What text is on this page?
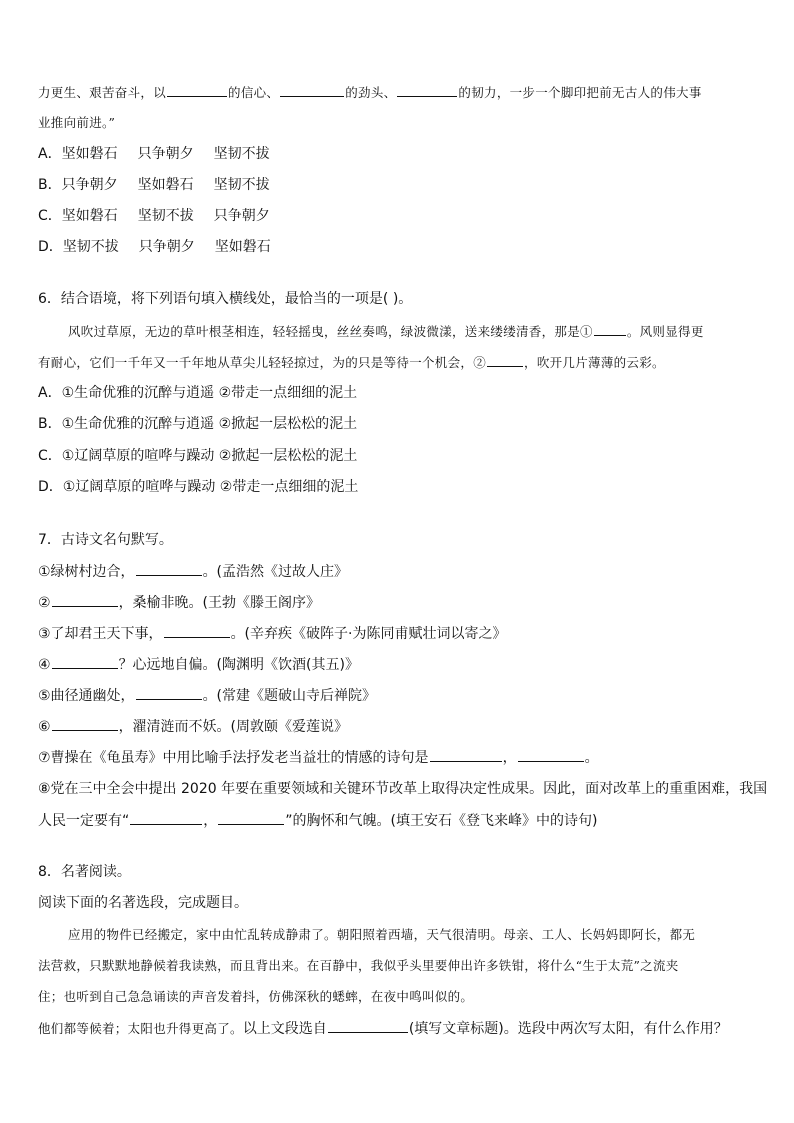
力更生、艰苦奋斗，以	的信心、	的劲头、	的韧力，一步一个脚印把前无古人的伟大事
业推向前进。”
A．坚如磐石 只争朝夕 坚韧不拔
B．只争朝夕 坚如磐石 坚韧不拔
C．坚如磐石 坚韧不拔 只争朝夕
D．坚韧不拔 只争朝夕 坚如磐石
6．结合语境，将下列语句填入横线处，最恰当的一项是( )。
风吹过草原，无边的草叶根茎相连，轻轻摇曳，丝丝奏鸣，绿波微漾，送来缕缕清香，那是①	。风则显得更
有耐心，它们一千年又一千年地从草尖儿轻轻掠过，为的只是等待一个机会，②	，吹开几片薄薄的云彩。
A．①生命优雅的沉醉与逍遥 ②带走一点细细的泥土
B．①生命优雅的沉醉与逍遥 ②掀起一层松松的泥土
C．①辽阔草原的喧哗与躁动 ②掀起一层松松的泥土
D．①辽阔草原的喧哗与躁动 ②带走一点细细的泥土
7．古诗文名句默写。
①绿树村边合，	。(孟浩然《过故人庄》
②	，桑榆非晚。(王勃《滕王阁序》
③了却君王天下事，	。(辛弃疾《破阵子·为陈同甫赋壮词以寄之》
④	？心远地自偏。(陶渊明《饮酒(其五)》
⑤曲径通幽处，	。(常建《题破山寺后禅院》
⑥	，濯清涟而不妖。(周敦颐《爱莲说》
⑦曹操在《龟虽寿》中用比喻手法抒发老当益壮的情感的诗句是	，	。
⑧党在三中全会中提出 2020 年要在重要领域和关键环节改革上取得决定性成果。因此，面对改革上的重重困难，我国
人民一定要有“	，	”的胸怀和气魄。(填王安石《登飞来峰》中的诗句)
8．名著阅读。
阅读下面的名著选段，完成题目。
应用的物件已经搬定，家中由忙乱转成静肃了。朝阳照着西墙，天气很清明。母亲、工人、长妈妈即阿长，都无
法营救，只默默地静候着我读熟，而且背出来。在百静中，我似乎头里要伸出许多铁钳，将什么“生于太荒”之流夹
住；也听到自己急急诵读的声音发着抖，仿佛深秋的蟋蟀，在夜中鸣叫似的。
他们都等候着；太阳也升得更高了。以上文段选自	(填写文章标题)。选段中两次写太阳，有什么作用？
